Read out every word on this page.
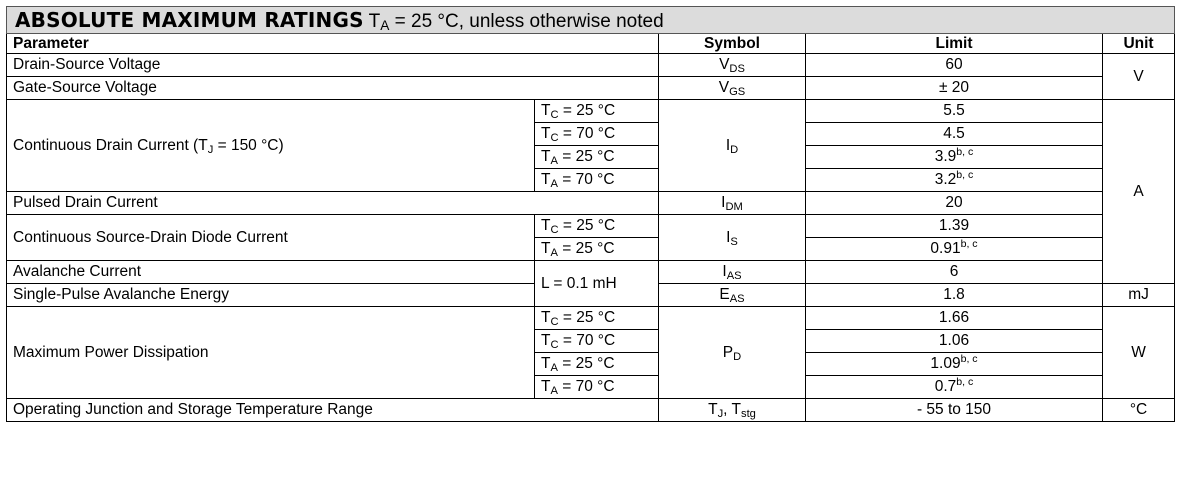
ABSOLUTE MAXIMUM RATINGS $T_A = 25$ °C, unless otherwise noted				
Parameter		Symbol	Limit	Unit
Drain-Source Voltage		$V_{DS}$	60	V
Gate-Source Voltage		$V_{GS}$	± 20	
Continuous Drain Current ($T_J = 150$ °C)	$T_C = 25$ °C	$I_D$	5.5	A
	$T_C = 70$ °C		4.5	
	$T_A = 25$ °C		3.9$^{b, c}$
	$T_A = 70$ °C		3.2$^{b, c}$
Pulsed Drain Current		$I_{DM}$	20	
Continuous Source-Drain Diode Current	$T_C = 25$ °C	$I_S$	1.39	
	$T_A = 25$ °C		0.91$^{b, c}$
Avalanche Current	L = 0.1 mH	$I_{AS}$	6	
Single-Pulse Avalanche Energy		$E_{AS}$	1.8	mJ
Maximum Power Dissipation	$T_C = 25$ °C	$P_D$	1.66	W
	$T_C = 70$ °C		1.06	
	$T_A = 25$ °C		1.09$^{b, c}$
	$T_A = 70$ °C		0.7$^{b, c}$
Operating Junction and Storage Temperature Range		$T_J$, $T_{stg}$	- 55 to 150	°C
